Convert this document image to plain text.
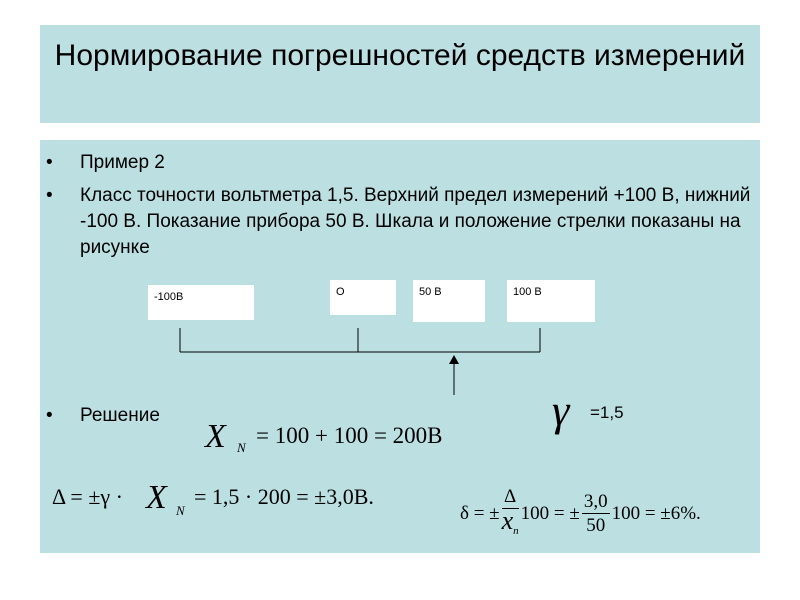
Нормирование погрешностей средств измерений
• Пример 2
• Класс точности вольтметра 1,5. Верхний предел измерений +100 В, нижний -100 В. Показание прибора 50 В. Шкала и положение стрелки показаны на рисунке
-100В	О	50 В	100 В
• Решение	γ =1,5
X N = 100 + 100 = 200В
Δ = ±γ · X N
= 1,5 · 200 = ±3,0В.
δ = ± $\frac{\Delta}{x_п} 100$ = ± $\frac{3,0}{50} 100 = \pm 6\%$.
